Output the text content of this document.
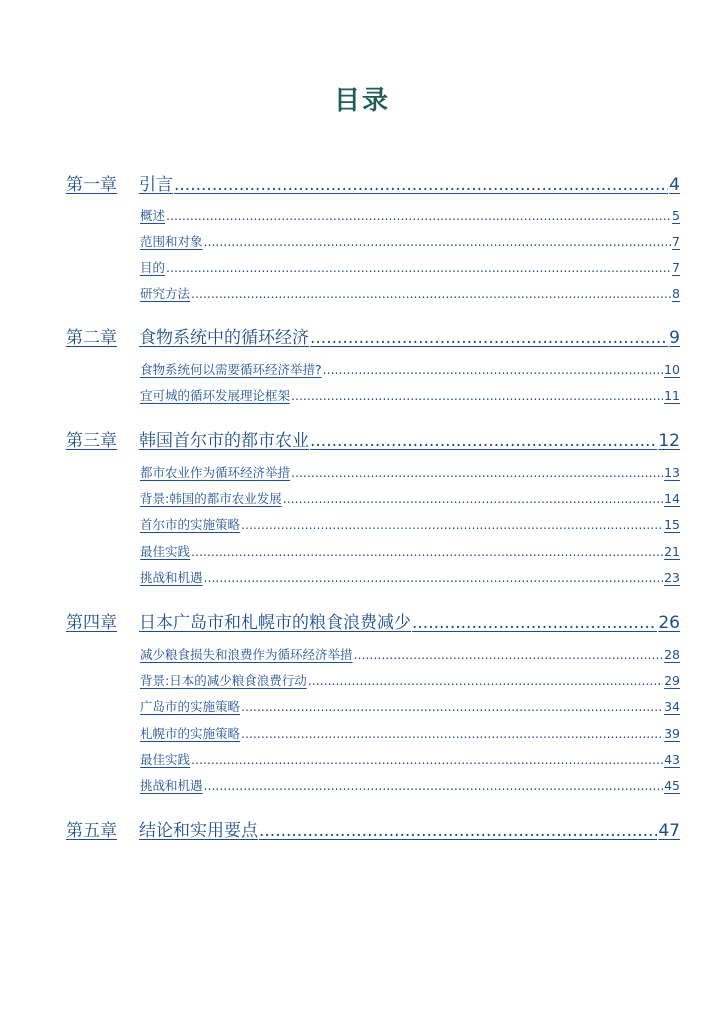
目录
第一章	引言 .....	4
概述 .....	5
范围和对象 .....	7
目的 .....	7
研究方法 .....	8
第二章	食物系统中的循环经济 .....	9
食物系统何以需要循环经济举措? .....	10
宜可城的循环发展理论框架 .....	11
第三章	韩国首尔市的都市农业 .....	12
都市农业作为循环经济举措 .....	13
背景:韩国的都市农业发展 .....	14
首尔市的实施策略 .....	15
最佳实践 .....	21
挑战和机遇 .....	23
第四章	日本广岛市和札幌市的粮食浪费减少 .....	26
减少粮食损失和浪费作为循环经济举措 .....	28
背景:日本的减少粮食浪费行动 .....	29
广岛市的实施策略 .....	34
札幌市的实施策略 .....	39
最佳实践 .....	43
挑战和机遇 .....	45
第五章	结论和实用要点 .....	47
